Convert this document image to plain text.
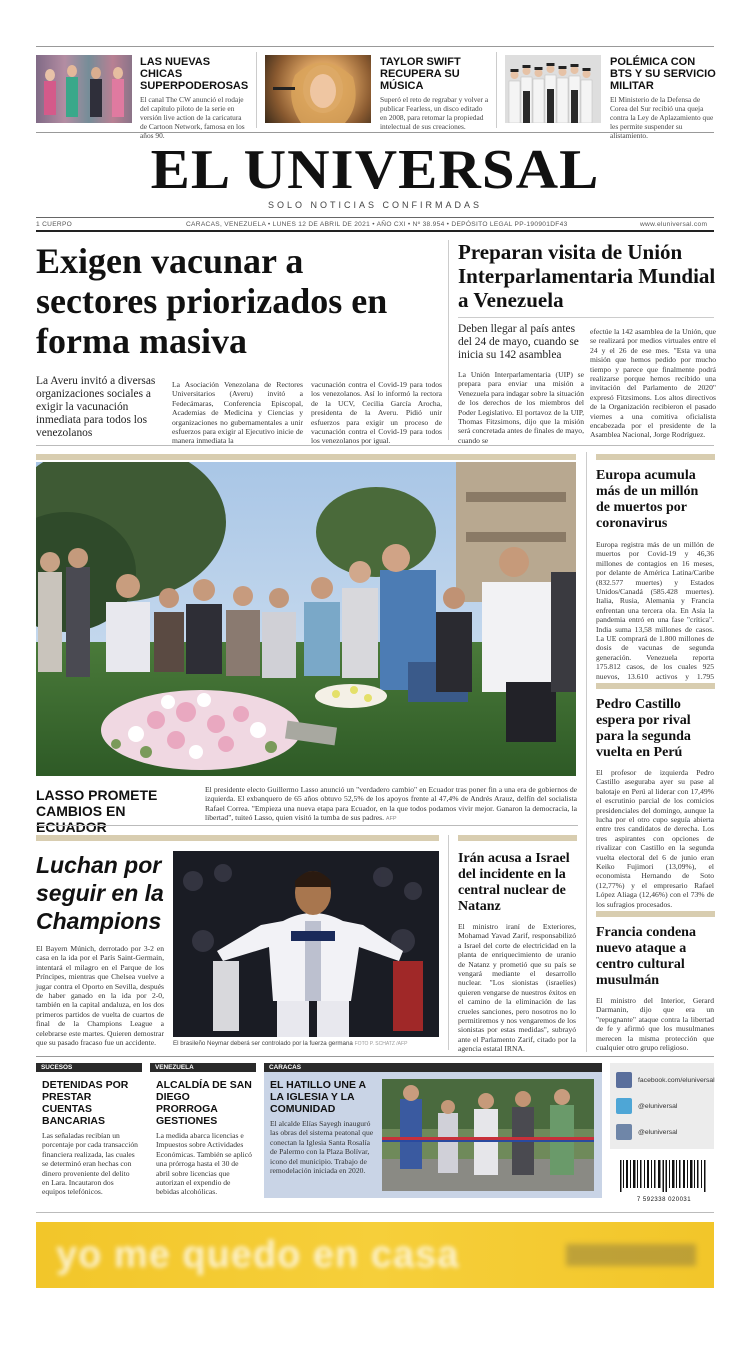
LAS NUEVAS CHICAS SUPERPODEROSAS
El canal The CW anunció el rodaje del capítulo piloto de la serie en versión live action de la caricatura de Cartoon Network, famosa en los años 90.
TAYLOR SWIFT RECUPERA SU MÚSICA
Superó el reto de regrabar y volver a publicar Fearless, un disco editado en 2008, para retomar la propiedad intelectual de sus creaciones.
POLÉMICA CON BTS Y SU SERVICIO MILITAR
El Ministerio de la Defensa de Corea del Sur recibió una queja contra la Ley de Aplazamiento que les permite suspender su alistamiento.
EL UNIVERSAL
SOLO NOTICIAS CONFIRMADAS
1 CUERPO	CARACAS, VENEZUELA • LUNES 12 DE ABRIL DE 2021 • AÑO CXI • Nº 38.954 • DEPÓSITO LEGAL PP-190901DF43	www.eluniversal.com
Exigen vacunar a sectores priorizados en forma masiva
La Averu invitó a diversas organizaciones sociales a exigir la vacunación inmediata para todos los venezolanos
La Asociación Venezolana de Rectores Universitarios (Averu) invitó a Fedecámaras, Conferencia Episcopal, Academias de Medicina y Ciencias y organizaciones no gubernamentales a unir esfuerzos para exigir al Ejecutivo inicie de manera inmediata la
vacunación contra el Covid-19 para todos los venezolanos. Así lo informó la rectora de la UCV, Cecilia García Arocha, presidenta de la Averu. Pidió unir esfuerzos para exigir un proceso de vacunación contra el Covid-19 para todos los venezolanos por igual.
Preparan visita de Unión Interparlamentaria Mundial a Venezuela
Deben llegar al país antes del 24 de mayo, cuando se inicia su 142 asamblea
La Unión Interparlamentaria (UIP) se prepara para enviar una misión a Venezuela para indagar sobre la situación de los derechos de los miembros del Poder Legislativo. El portavoz de la UIP, Thomas Fitzsimons, dijo que la misión será concretada antes de finales de mayo, cuando se
efectúe la 142 asamblea de la Unión, que se realizará por medios virtuales entre el 24 y el 26 de ese mes. "Esta va una misión que hemos pedido por mucho tiempo y parece que finalmente podrá realizarse porque hemos recibido una invitación del Parlamento de 2020" expresó Fitzsimons. Los altos directivos de la Organización recibieron el pasado viernes a una comitiva oficialista encabezada por el presidente de la Asamblea Nacional, Jorge Rodríguez.
LASSO PROMETE CAMBIOS EN ECUADOR
El presidente electo Guillermo Lasso anunció un "verdadero cambio" en Ecuador tras poner fin a una era de gobiernos de izquierda. El exbanquero de 65 años obtuvo 52,5% de los apoyos frente al 47,4% de Andrés Arauz, delfín del socialista Rafael Correa. "Empieza una nueva etapa para Ecuador, en la que todos podamos vivir mejor. Ganaron la democracia, la libertad", tuiteó Lasso, quien visitó la tumba de sus padres. AFP
Europa acumula más de un millón de muertos por coronavirus
Europa registra más de un millón de muertos por Covid-19 y 46,36 millones de contagios en 16 meses, por delante de América Latina/Caribe (832.577 muertes) y Estados Unidos/Canadá (585.428 muertes). Italia, Rusia, Alemania y Francia enfrentan una tercera ola. En Asia la pandemia entró en una fase "crítica". India suma 13,58 millones de casos. La UE comprará de 1.800 millones de dosis de vacunas de segunda generación. Venezuela reporta 175.812 casos, de los cuales 925 nuevos, 13.610 activos y 1.795
Pedro Castillo espera por rival para la segunda vuelta en Perú
El profesor de izquierda Pedro Castillo aseguraba ayer su pase al balotaje en Perú al liderar con 17,49% el escrutinio parcial de los comicios presidenciales del domingo, aunque la lucha por el otro cupo seguía abierta entre tres candidatos de derecha. Los tres aspirantes con opciones de rivalizar con Castillo en la segunda vuelta electoral del 6 de junio eran Keiko Fujimori (13,09%), el economista Hernando de Soto (12,77%) y el empresario Rafael López Aliaga (12,46%) con el 73% de los sufragios procesados.
Francia condena nuevo ataque a centro cultural musulmán
El ministro del Interior, Gerard Darmanin, dijo que era un "repugnante" ataque contra la libertad de fe y afirmó que los musulmanes merecen la misma protección que cualquier otro grupo religioso.
Luchan por seguir en la Champions
El Bayern Múnich, derrotado por 3-2 en casa en la ida por el París Saint-Germain, intentará el milagro en el Parque de los Príncipes, mientras que Chelsea vuelve a jugar contra el Oporto en Sevilla, después de haber ganado en la ida por 2-0, también en la capital andaluza, en los dos primeros partidos de vuelta de cuartos de final de la Champions League a celebrarse este martes. Quieren demostrar que su pasado fracaso fue un accidente.	El brasileño Neymar deberá ser controlado por la fuerza germana FOTO P. SCHATZ /AFP
Irán acusa a Israel del incidente en la central nuclear de Natanz
El ministro iraní de Exteriores, Mohamad Yavad Zarif, responsabilizó a Israel del corte de electricidad en la planta de enriquecimiento de uranio de Natanz y prometió que su país se vengará mediante el desarrollo nuclear. "Los sionistas (israelíes) quieren vengarse de nuestros éxitos en el camino de la eliminación de las crueles sanciones, pero nosotros no lo permitiremos y nos vengaremos de los sionistas por estas medidas", subrayó ante el Parlamento Zarif, citado por la agencia estatal IRNA.
SUCESOS
DETENIDAS POR PRESTAR CUENTAS BANCARIAS
Las señaladas recibían un porcentaje por cada transacción financiera realizada, las cuales se determinó eran hechas con dinero proveniente del delito en Lara. Incautaron dos equipos telefónicos.
VENEZUELA
ALCALDÍA DE SAN DIEGO PRORROGA GESTIONES
La medida abarca licencias e Impuestos sobre Actividades Económicas. También se aplicó una prórroga hasta el 30 de abril sobre licencias que autorizan el expendio de bebidas alcohólicas.
CARACAS
EL HATILLO UNE A LA IGLESIA Y LA COMUNIDAD
El alcalde Elías Sayegh inauguró las obras del sistema peatonal que conectan la Iglesia Santa Rosalía de Palermo con la Plaza Bolívar, icono del municipio. Trabajo de remodelación iniciada en 2020.
facebook.com/eluniversal
@eluniversal
@eluniversal
7 592338 020031
yo me quedo en casa
